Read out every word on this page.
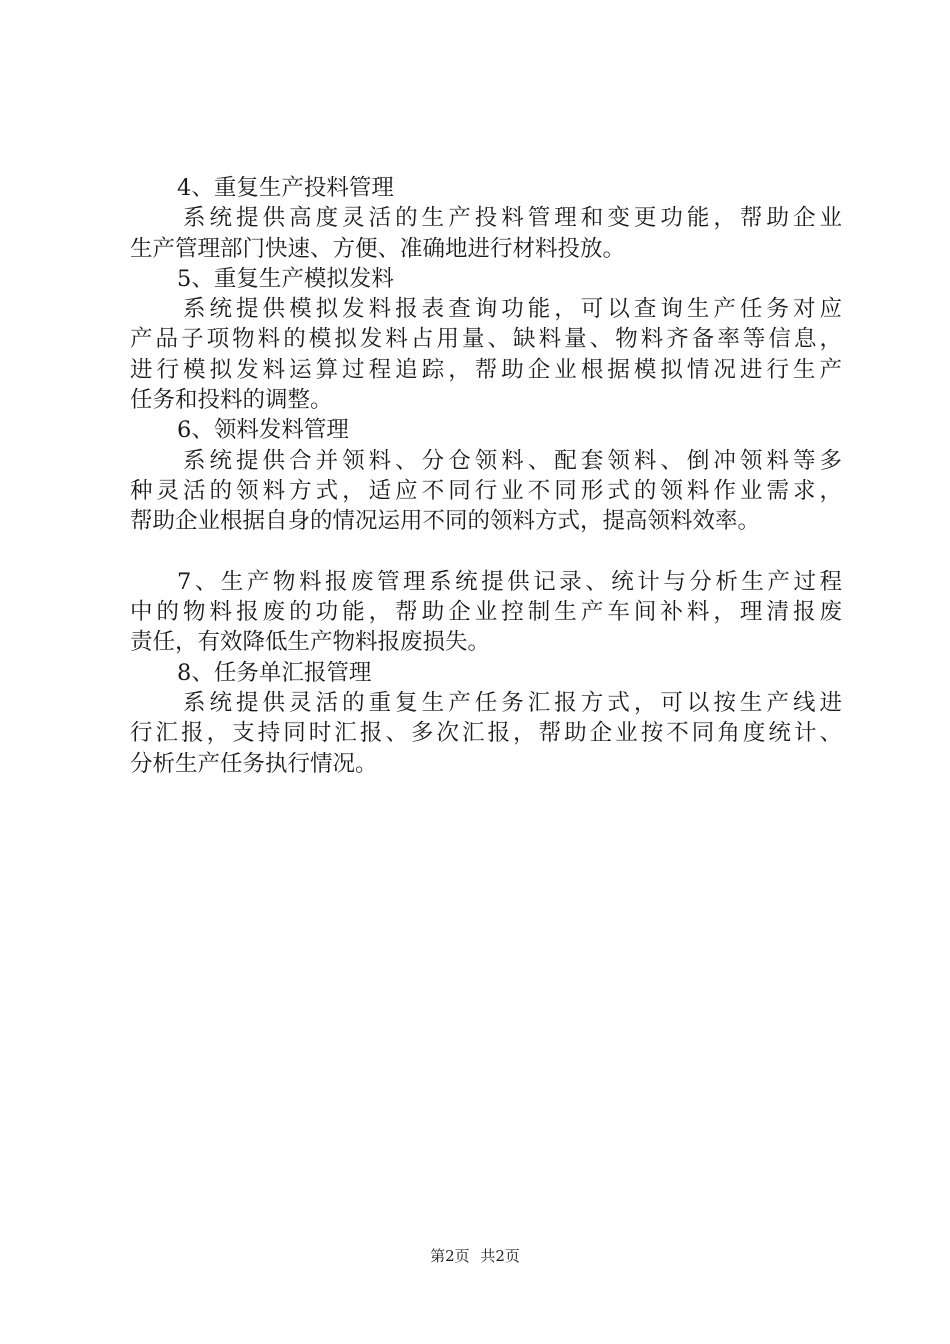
4、重复生产投料管理
系统提供高度灵活的生产投料管理和变更功能，帮助企业
生产管理部门快速、方便、准确地进行材料投放。
5、重复生产模拟发料
系统提供模拟发料报表查询功能，可以查询生产任务对应
产品子项物料的模拟发料占用量、缺料量、物料齐备率等信息，
进行模拟发料运算过程追踪，帮助企业根据模拟情况进行生产
任务和投料的调整。
6、领料发料管理
系统提供合并领料、分仓领料、配套领料、倒冲领料等多
种灵活的领料方式，适应不同行业不同形式的领料作业需求，
帮助企业根据自身的情况运用不同的领料方式，提高领料效率。
7、生产物料报废管理系统提供记录、统计与分析生产过程
中的物料报废的功能，帮助企业控制生产车间补料，理清报废
责任，有效降低生产物料报废损失。
8、任务单汇报管理
系统提供灵活的重复生产任务汇报方式，可以按生产线进
行汇报，支持同时汇报、多次汇报，帮助企业按不同角度统计、
分析生产任务执行情况。
第2页 共2页
